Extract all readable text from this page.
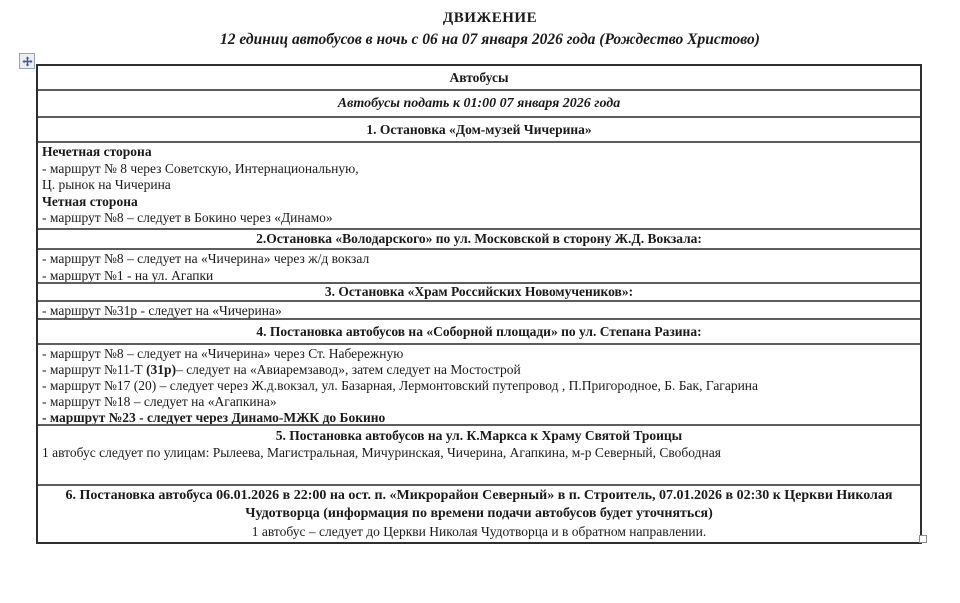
ДВИЖЕНИЕ
12 единиц автобусов в ночь с 06 на 07 января 2026 года (Рождество Христово)
Автобусы
Автобусы подать к 01:00 07 января 2026 года
1. Остановка «Дом-музей Чичерина»
Нечетная сторона
- маршрут № 8 через Советскую, Интернациональную,
Ц. рынок на Чичерина
Четная сторона
- маршрут №8 – следует в Бокино через «Динамо»
2.Остановка «Володарского» по ул. Московской в сторону Ж.Д. Вокзала:
- маршрут №8 – следует на «Чичерина» через ж/д вокзал
- маршрут №1 - на ул. Агапки
3. Остановка «Храм Российских Новомучеников»:
- маршрут №31р - следует на «Чичерина»
4. Постановка автобусов на «Соборной площади» по ул. Степана Разина:
- маршрут №8 – следует на «Чичерина» через Ст. Набережную
- маршрут №11-Т (31р)– следует на «Авиаремзавод», затем следует на Мостострой
- маршрут №17 (20) – следует через Ж.д.вокзал, ул. Базарная, Лермонтовский путепровод , П.Пригородное, Б. Бак, Гагарина
- маршрут №18 – следует на «Агапкина»
- маршрут №23 - следует через Динамо-МЖК до Бокино
5. Постановка автобусов на ул. К.Маркса к Храму Святой Троицы
1 автобус следует по улицам: Рылеева, Магистральная, Мичуринская, Чичерина, Агапкина, м-р Северный, Свободная
6. Постановка автобуса 06.01.2026 в 22:00 на ост. п. «Микрорайон Северный» в п. Строитель, 07.01.2026 в 02:30 к Церкви Николая Чудотворца (информация по времени подачи автобусов будет уточняться)
1 автобус – следует до Церкви Николая Чудотворца и в обратном направлении.
